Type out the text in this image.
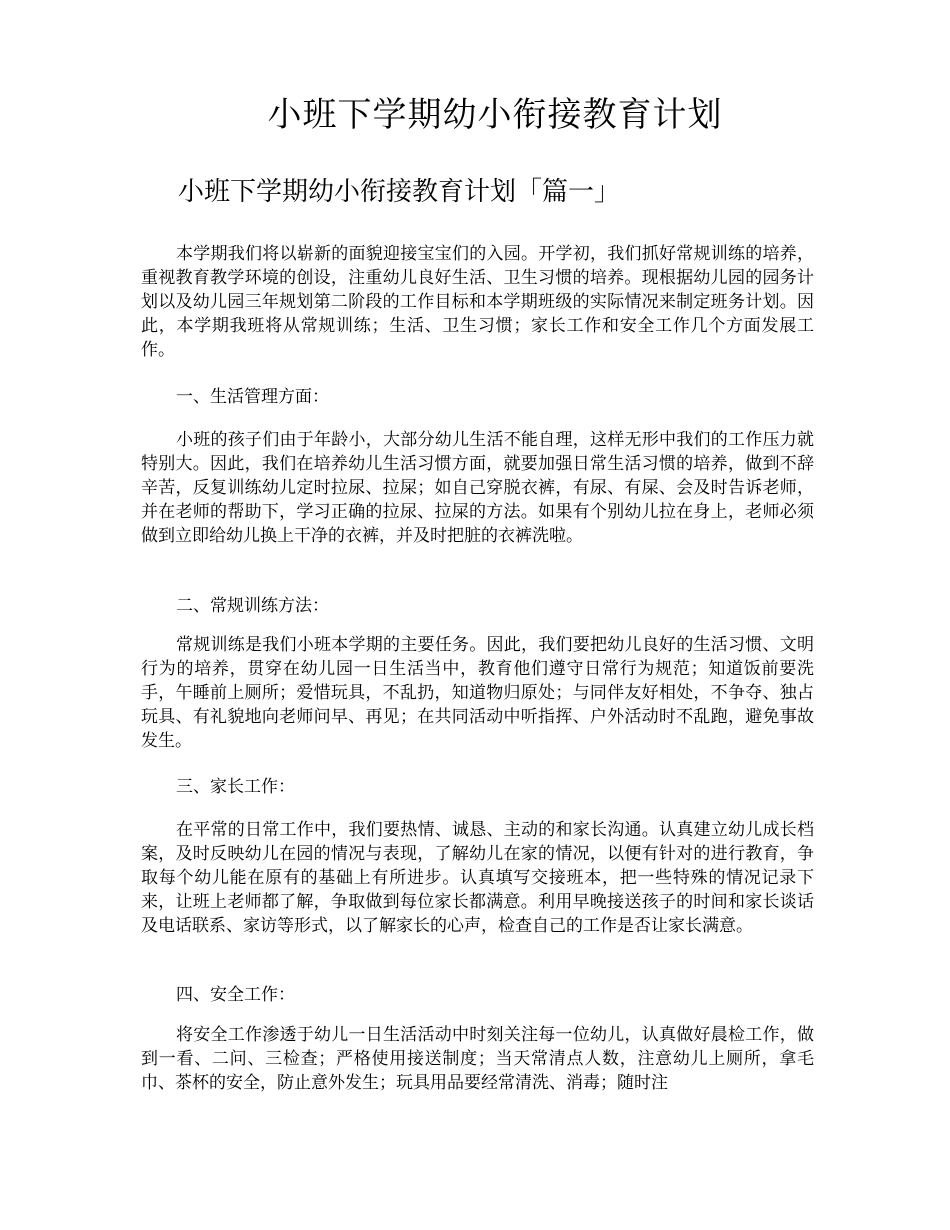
小班下学期幼小衔接教育计划
小班下学期幼小衔接教育计划「篇一」

本学期我们将以崭新的面貌迎接宝宝们的入园。开学初，我们抓好常规训练的培养，重视教育教学环境的创设，注重幼儿良好生活、卫生习惯的培养。现根据幼儿园的园务计划以及幼儿园三年规划第二阶段的工作目标和本学期班级的实际情况来制定班务计划。因此，本学期我班将从常规训练；生活、卫生习惯；家长工作和安全工作几个方面发展工作。

一、生活管理方面：

小班的孩子们由于年龄小，大部分幼儿生活不能自理，这样无形中我们的工作压力就特别大。因此，我们在培养幼儿生活习惯方面，就要加强日常生活习惯的培养，做到不辞辛苦，反复训练幼儿定时拉尿、拉屎；如自己穿脱衣裤，有尿、有屎、会及时告诉老师，并在老师的帮助下，学习正确的拉尿、拉屎的方法。如果有个别幼儿拉在身上，老师必须做到立即给幼儿换上干净的衣裤，并及时把脏的衣裤洗啦。

二、常规训练方法：

常规训练是我们小班本学期的主要任务。因此，我们要把幼儿良好的生活习惯、文明行为的培养，贯穿在幼儿园一日生活当中，教育他们遵守日常行为规范；知道饭前要洗手，午睡前上厕所；爱惜玩具，不乱扔，知道物归原处；与同伴友好相处，不争夺、独占玩具、有礼貌地向老师问早、再见；在共同活动中听指挥、户外活动时不乱跑，避免事故发生。

三、家长工作：

在平常的日常工作中，我们要热情、诚恳、主动的和家长沟通。认真建立幼儿成长档案，及时反映幼儿在园的情况与表现，了解幼儿在家的情况，以便有针对的进行教育，争取每个幼儿能在原有的基础上有所进步。认真填写交接班本，把一些特殊的情况记录下来，让班上老师都了解，争取做到每位家长都满意。利用早晚接送孩子的时间和家长谈话及电话联系、家访等形式，以了解家长的心声，检查自己的工作是否让家长满意。

四、安全工作：

将安全工作渗透于幼儿一日生活活动中时刻关注每一位幼儿，认真做好晨检工作，做到一看、二问、三检查；严格使用接送制度；当天常清点人数，注意幼儿上厕所，拿毛巾、茶杯的安全，防止意外发生；玩具用品要经常清洗、消毒；随时注
